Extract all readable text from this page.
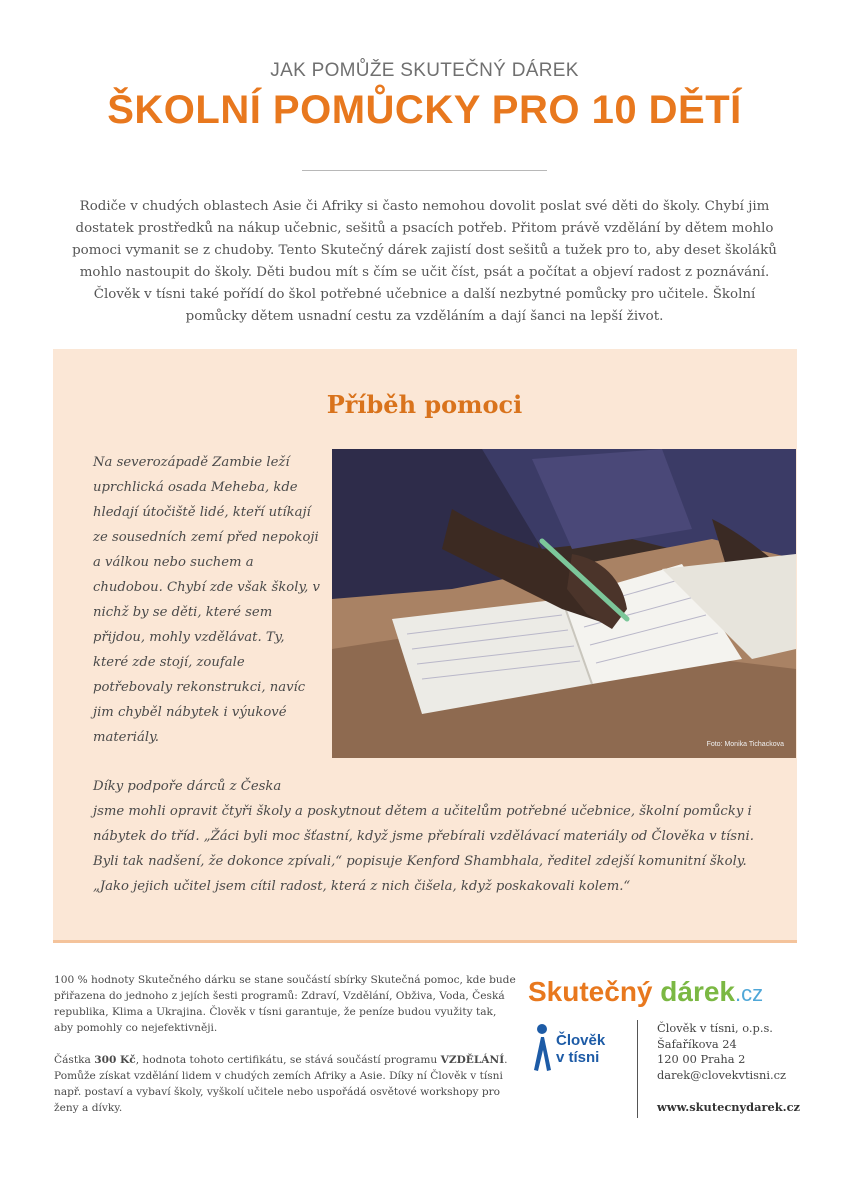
JAK POMŮŽE SKUTEČNÝ DÁREK
ŠKOLNÍ POMŮCKY PRO 10 DĚTÍ

Rodiče v chudých oblastech Asie či Afriky si často nemohou dovolit poslat své děti do školy. Chybí jim dostatek prostředků na nákup učebnic, sešitů a psacích potřeb. Přitom právě vzdělání by dětem mohlo pomoci vymanit se z chudoby. Tento Skutečný dárek zajistí dost sešitů a tužek pro to, aby deset školáků mohlo nastoupit do školy. Děti budou mít s čím se učit číst, psát a počítat a objeví radost z poznávání. Člověk v tísni také pořídí do škol potřebné učebnice a další nezbytné pomůcky pro učitele. Školní pomůcky dětem usnadní cestu za vzděláním a dají šanci na lepší život.

Příběh pomoci

Na severozápadě Zambie leží uprchlická osada Meheba, kde hledají útočiště lidé, kteří utíkají ze sousedních zemí před nepokoji a válkou nebo suchem a chudobou. Chybí zde však školy, v nichž by se děti, které sem přijdou, mohly vzdělávat. Ty, které zde stojí, zoufale potřebovaly rekonstrukci, navíc jim chyběl nábytek i výukové materiály.	Foto: Monika Tichackova

Díky podpoře dárců z Česka
jsme mohli opravit čtyři školy a poskytnout dětem a učitelům potřebné učebnice, školní pomůcky i nábytek do tříd. „Žáci byli moc šťastní, když jsme přebírali vzdělávací materiály od Člověka v tísni. Byli tak nadšení, že dokonce zpívali,“ popisuje Kenford Shambhala, ředitel zdejší komunitní školy. „Jako jejich učitel jsem cítil radost, která z nich čišela, když poskakovali kolem.“

100 % hodnoty Skutečného dárku se stane součástí sbírky Skutečná pomoc, kde bude přiřazena do jednoho z jejích šesti programů: Zdraví, Vzdělání, Obživa, Voda, Česká republika, Klima a Ukrajina. Člověk v tísni garantuje, že peníze budou využity tak, aby pomohly co nejefektivněji.

Částka 300 Kč, hodnota tohoto certifikátu, se stává součástí programu VZDĚLÁNÍ. Pomůže získat vzdělání lidem v chudých zemích Afriky a Asie. Díky ní Člověk v tísni např. postaví a vybaví školy, vyškolí učitele nebo uspořádá osvětové workshopy pro ženy a dívky.

Skutečný dárek.cz
Člověk
v tísni
Člověk v tísni, o.p.s.
Šafaříkova 24
120 00 Praha 2
darek@clovekvtisni.cz
www.skutecnydarek.cz
